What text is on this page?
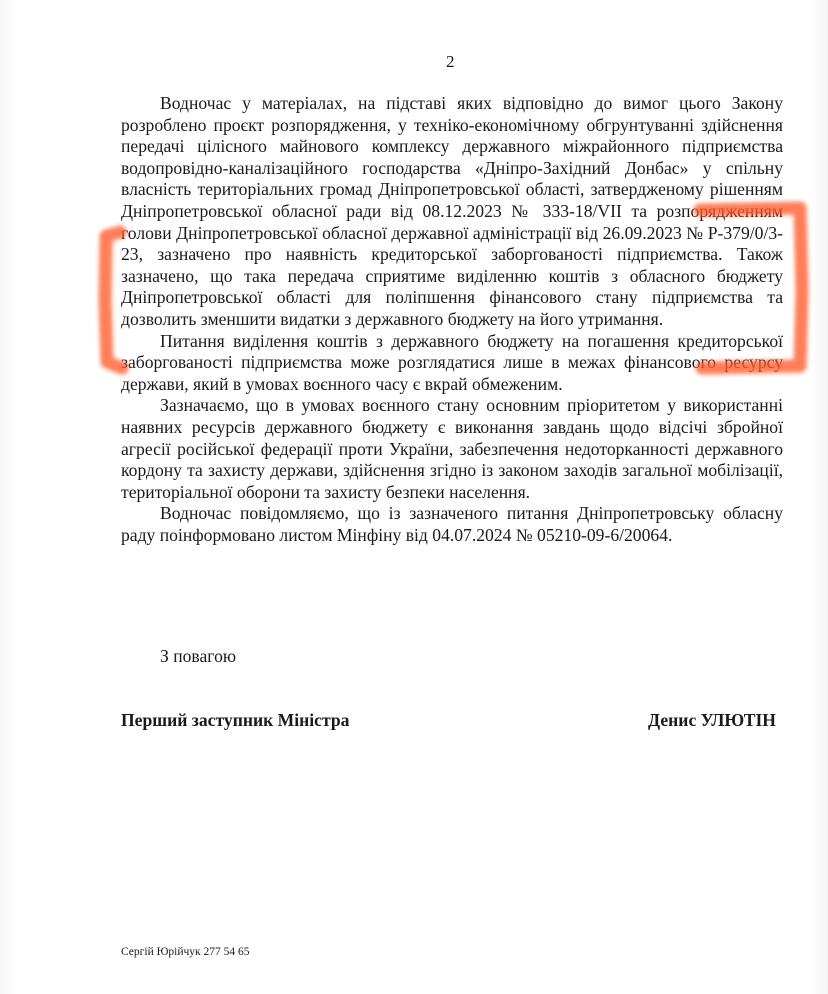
2

Водночас у матеріалах, на підставі яких відповідно до вимог цього Закону розроблено проєкт розпорядження, у техніко-економічному обгрунтуванні здійснення передачі цілісного майнового комплексу державного міжрайонного підприємства водопровідно-каналізаційного господарства «Дніпро-Західний Донбас» у спільну власність територіальних громад Дніпропетровської області, затвердженому рішенням Дніпропетровської обласної ради від 08.12.2023 № 333-18/VII та розпорядженням голови Дніпропетровської обласної державної адміністрації від 26.09.2023 № Р-379/0/3-23, зазначено про наявність кредиторської заборгованості підприємства. Також зазначено, що така передача сприятиме виділенню коштів з обласного бюджету Дніпропетровської області для поліпшення фінансового стану підприємства та дозволить зменшити видатки з державного бюджету на його утримання.

Питання виділення коштів з державного бюджету на погашення кредиторської заборгованості підприємства може розглядатися лише в межах фінансового ресурсу держави, який в умовах воєнного часу є вкрай обмеженим.

Зазначаємо, що в умовах воєнного стану основним пріоритетом у використанні наявних ресурсів державного бюджету є виконання завдань щодо відсічі збройної агресії російської федерації проти України, забезпечення недоторканності державного кордону та захисту держави, здійснення згідно із законом заходів загальної мобілізації, територіальної оборони та захисту безпеки населення.

Водночас повідомляємо, що із зазначеного питання Дніпропетровську обласну раду поінформовано листом Мінфіну від 04.07.2024 № 05210-09-6/20064.

З повагою
Перший заступник Міністра	Денис УЛЮТІН
Сергій Юрійчук 277 54 65
